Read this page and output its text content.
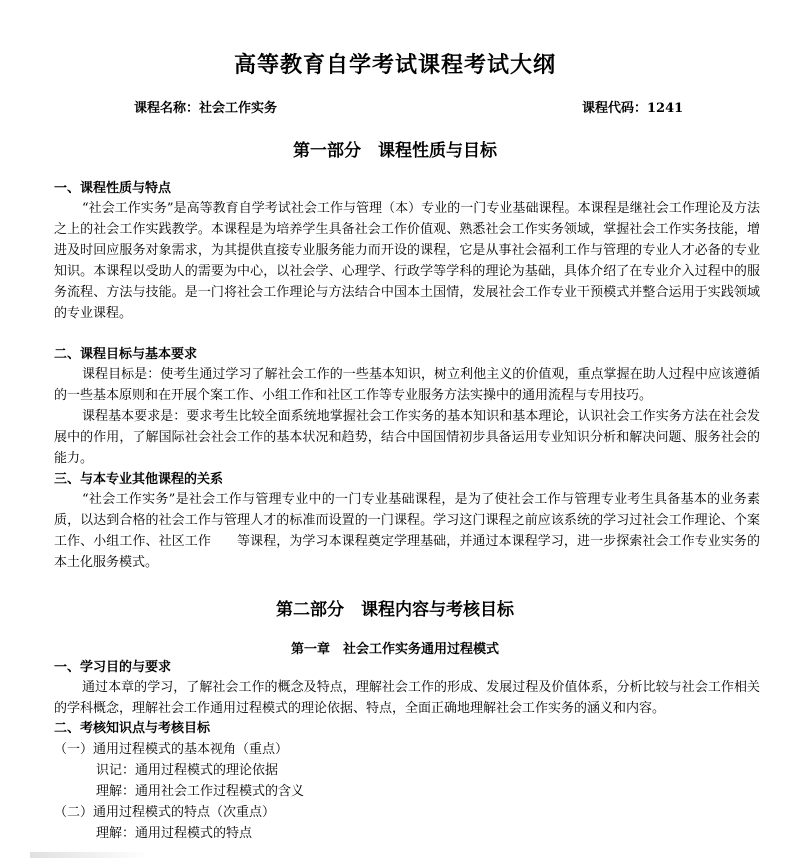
高等教育自学考试课程考试大纲
课程名称：社会工作实务	课程代码：1241
第一部分　课程性质与目标
一、课程性质与特点
“社会工作实务”是高等教育自学考试社会工作与管理（本）专业的一门专业基础课程。本课程是继社会工作理论及方法之上的社会工作实践教学。本课程是为培养学生具备社会工作价值观、熟悉社会工作实务领域，掌握社会工作实务技能，增进及时回应服务对象需求，为其提供直接专业服务能力而开设的课程，它是从事社会福利工作与管理的专业人才必备的专业知识。本课程以受助人的需要为中心，以社会学、心理学、行政学等学科的理论为基础，具体介绍了在专业介入过程中的服务流程、方法与技能。是一门将社会工作理论与方法结合中国本土国情，发展社会工作专业干预模式并整合运用于实践领域的专业课程。
二、课程目标与基本要求
课程目标是：使考生通过学习了解社会工作的一些基本知识，树立利他主义的价值观，重点掌握在助人过程中应该遵循的一些基本原则和在开展个案工作、小组工作和社区工作等专业服务方法实操中的通用流程与专用技巧。
课程基本要求是：要求考生比较全面系统地掌握社会工作实务的基本知识和基本理论，认识社会工作实务方法在社会发展中的作用，了解国际社会社会工作的基本状况和趋势，结合中国国情初步具备运用专业知识分析和解决问题、服务社会的能力。
三、与本专业其他课程的关系
“社会工作实务”是社会工作与管理专业中的一门专业基础课程，是为了使社会工作与管理专业考生具备基本的业务素质，以达到合格的社会工作与管理人才的标准而设置的一门课程。学习这门课程之前应该系统的学习过社会工作理论、个案工作、小组工作、社区工作　　等课程，为学习本课程奠定学理基础，并通过本课程学习，进一步探索社会工作专业实务的本土化服务模式。
第二部分　课程内容与考核目标
第一章　社会工作实务通用过程模式
一、学习目的与要求
通过本章的学习，了解社会工作的概念及特点，理解社会工作的形成、发展过程及价值体系，分析比较与社会工作相关的学科概念，理解社会工作通用过程模式的理论依据、特点，全面正确地理解社会工作实务的涵义和内容。
二、考核知识点与考核目标
（一）通用过程模式的基本视角（重点）
识记：通用过程模式的理论依据
理解：通用社会工作过程模式的含义
（二）通用过程模式的特点（次重点）
理解：通用过程模式的特点
